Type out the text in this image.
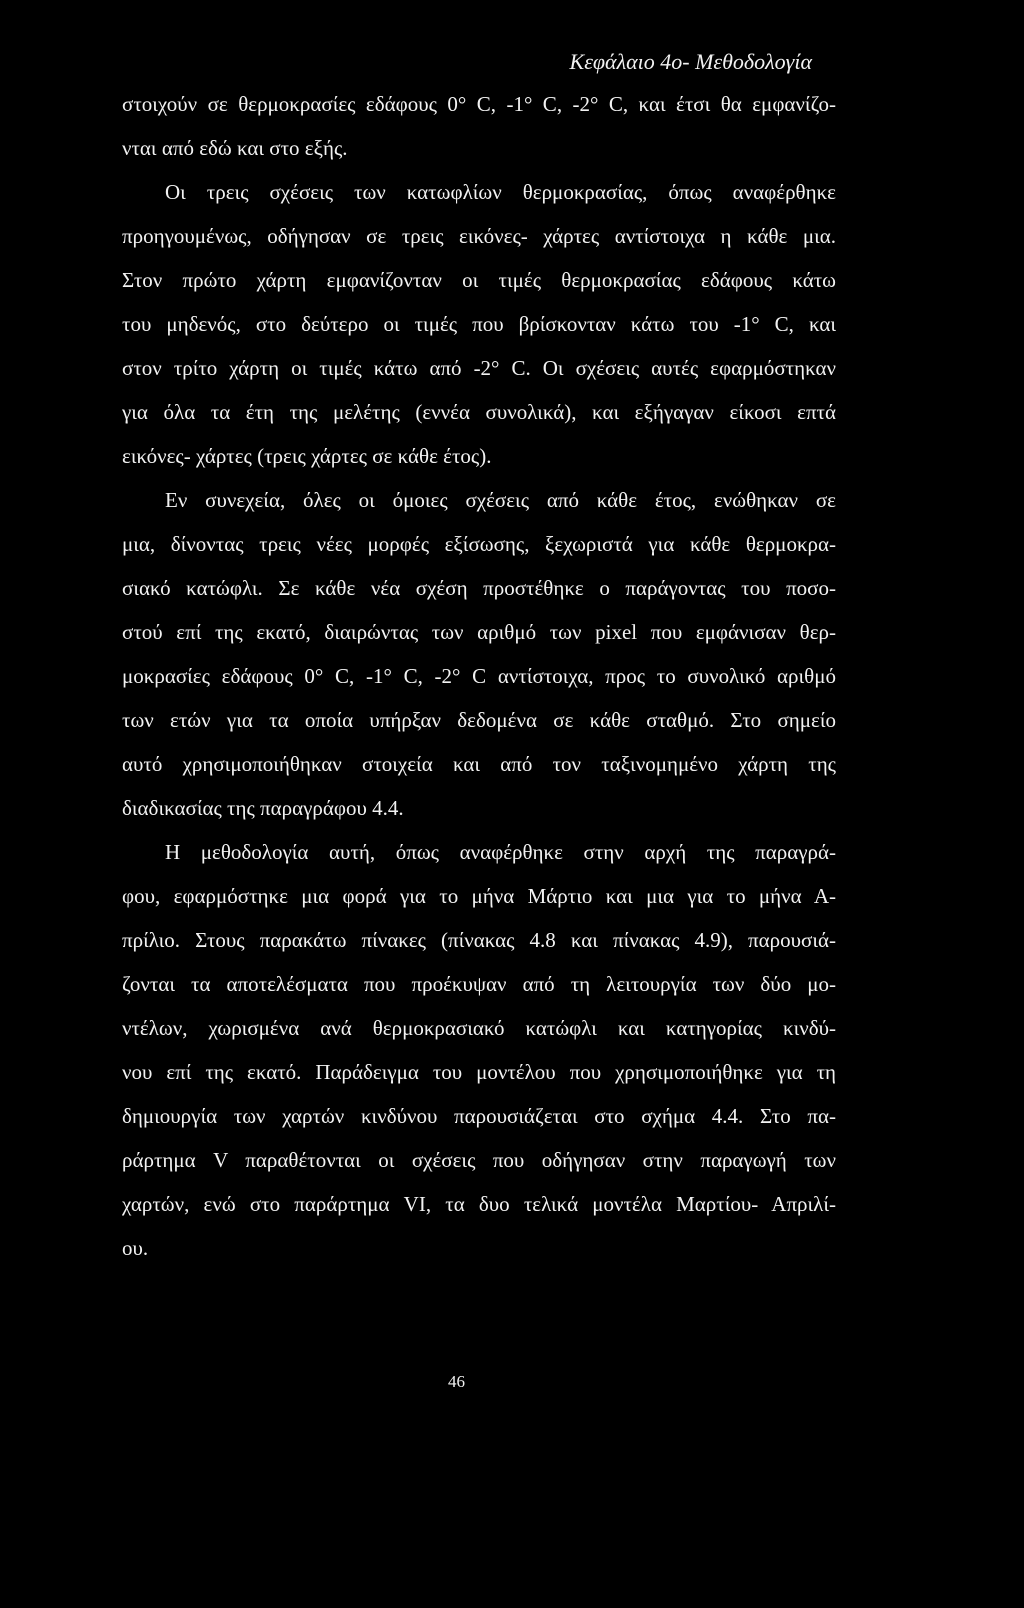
Κεφάλαιο 4ο- Μεθοδολογία
στοιχούν σε θερμοκρασίες εδάφους 0° C, -1° C, -2° C, και έτσι θα εμφανίζο-
νται από εδώ και στο εξής.
Οι τρεις σχέσεις των κατωφλίων θερμοκρασίας, όπως αναφέρθηκε
προηγουμένως, οδήγησαν σε τρεις εικόνες- χάρτες αντίστοιχα η κάθε μια.
Στον πρώτο χάρτη εμφανίζονταν οι τιμές θερμοκρασίας εδάφους κάτω
του μηδενός, στο δεύτερο οι τιμές που βρίσκονταν κάτω του -1° C, και
στον τρίτο χάρτη οι τιμές κάτω από -2° C. Οι σχέσεις αυτές εφαρμόστηκαν
για όλα τα έτη της μελέτης (εννέα συνολικά), και εξήγαγαν είκοσι επτά
εικόνες- χάρτες (τρεις χάρτες σε κάθε έτος).
Εν συνεχεία, όλες οι όμοιες σχέσεις από κάθε έτος, ενώθηκαν σε
μια, δίνοντας τρεις νέες μορφές εξίσωσης, ξεχωριστά για κάθε θερμοκρα-
σιακό κατώφλι. Σε κάθε νέα σχέση προστέθηκε ο παράγοντας του ποσο-
στού επί της εκατό, διαιρώντας των αριθμό των pixel που εμφάνισαν θερ-
μοκρασίες εδάφους 0° C, -1° C, -2° C αντίστοιχα, προς το συνολικό αριθμό
των ετών για τα οποία υπήρξαν δεδομένα σε κάθε σταθμό. Στο σημείο
αυτό χρησιμοποιήθηκαν στοιχεία και από τον ταξινομημένο χάρτη της
διαδικασίας της παραγράφου 4.4.
Η μεθοδολογία αυτή, όπως αναφέρθηκε στην αρχή της παραγρά-
φου, εφαρμόστηκε μια φορά για το μήνα Μάρτιο και μια για το μήνα Α-
πρίλιο. Στους παρακάτω πίνακες (πίνακας 4.8 και πίνακας 4.9), παρουσιά-
ζονται τα αποτελέσματα που προέκυψαν από τη λειτουργία των δύο μο-
ντέλων, χωρισμένα ανά θερμοκρασιακό κατώφλι και κατηγορίας κινδύ-
νου επί της εκατό. Παράδειγμα του μοντέλου που χρησιμοποιήθηκε για τη
δημιουργία των χαρτών κινδύνου παρουσιάζεται στο σχήμα 4.4. Στο πα-
ράρτημα V παραθέτονται οι σχέσεις που οδήγησαν στην παραγωγή των
χαρτών, ενώ στο παράρτημα VI, τα δυο τελικά μοντέλα Μαρτίου- Απριλί-
ου.
46
